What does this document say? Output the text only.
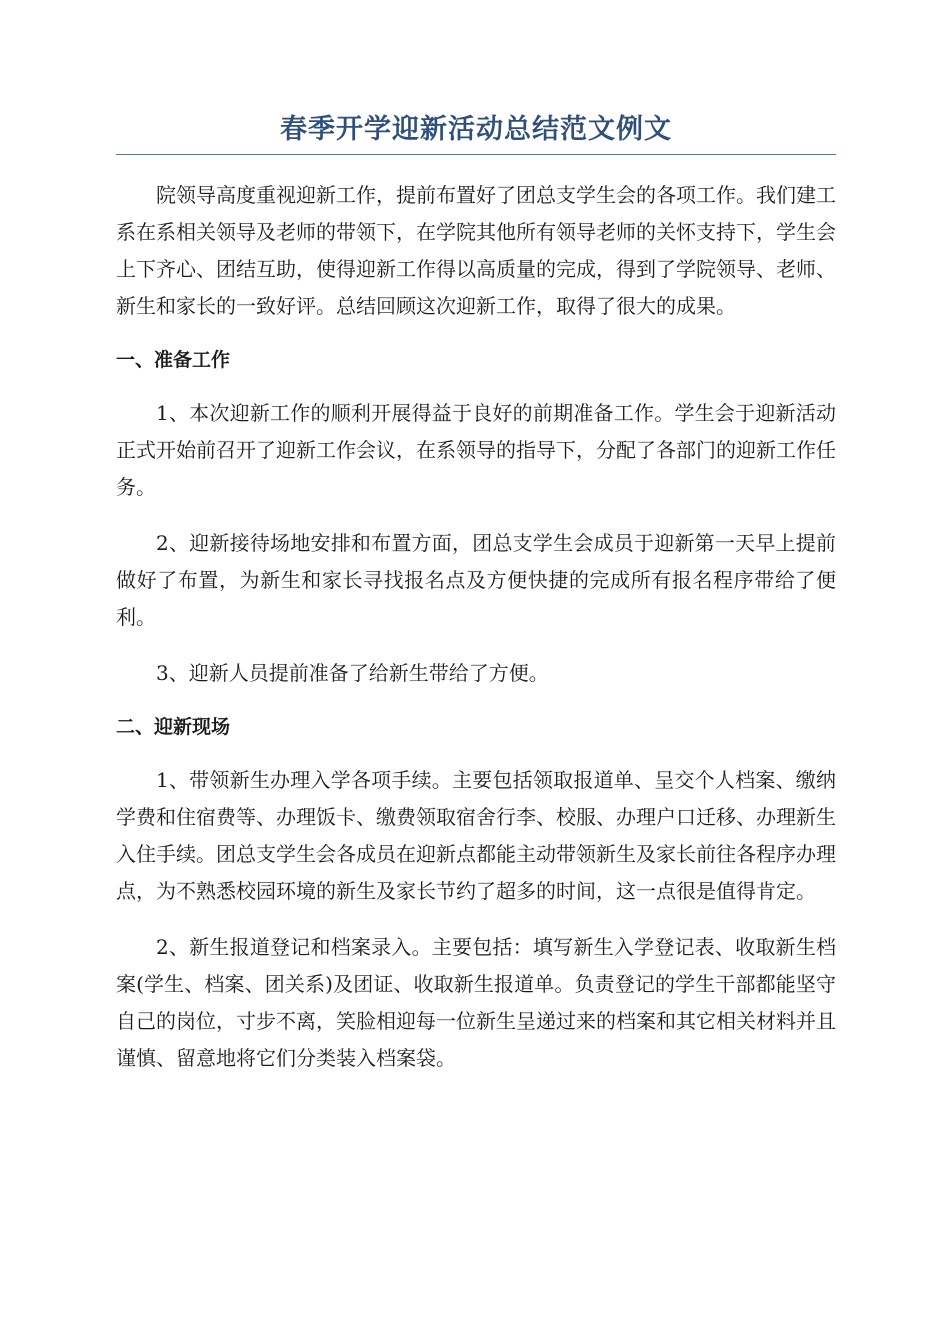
春季开学迎新活动总结范文例文

院领导高度重视迎新工作，提前布置好了团总支学生会的各项工作。我们建工系在系相关领导及老师的带领下，在学院其他所有领导老师的关怀支持下，学生会上下齐心、团结互助，使得迎新工作得以高质量的完成，得到了学院领导、老师、新生和家长的一致好评。总结回顾这次迎新工作，取得了很大的成果。

一、准备工作

1、本次迎新工作的顺利开展得益于良好的前期准备工作。学生会于迎新活动正式开始前召开了迎新工作会议，在系领导的指导下，分配了各部门的迎新工作任务。

2、迎新接待场地安排和布置方面，团总支学生会成员于迎新第一天早上提前做好了布置，为新生和家长寻找报名点及方便快捷的完成所有报名程序带给了便利。

3、迎新人员提前准备了给新生带给了方便。

二、迎新现场

1、带领新生办理入学各项手续。主要包括领取报道单、呈交个人档案、缴纳学费和住宿费等、办理饭卡、缴费领取宿舍行李、校服、办理户口迁移、办理新生入住手续。团总支学生会各成员在迎新点都能主动带领新生及家长前往各程序办理点，为不熟悉校园环境的新生及家长节约了超多的时间，这一点很是值得肯定。

2、新生报道登记和档案录入。主要包括：填写新生入学登记表、收取新生档案(学生、档案、团关系)及团证、收取新生报道单。负责登记的学生干部都能坚守自己的岗位，寸步不离，笑脸相迎每一位新生呈递过来的档案和其它相关材料并且谨慎、留意地将它们分类装入档案袋。
